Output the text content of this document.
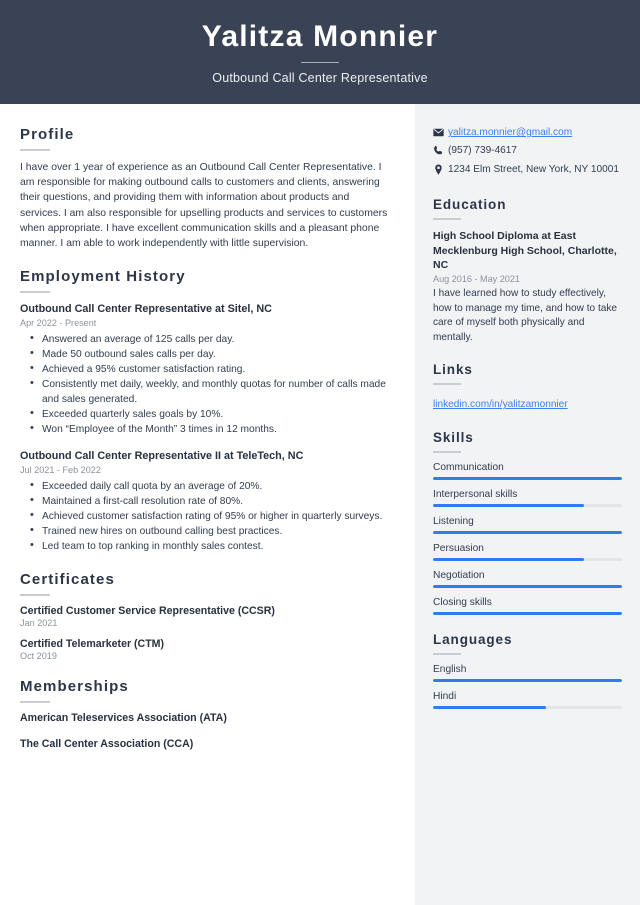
Yalitza Monnier
Outbound Call Center Representative
Profile
I have over 1 year of experience as an Outbound Call Center Representative. I am responsible for making outbound calls to customers and clients, answering their questions, and providing them with information about products and services. I am also responsible for upselling products and services to customers when appropriate. I have excellent communication skills and a pleasant phone manner. I am able to work independently with little supervision.
Employment History
Outbound Call Center Representative at Sitel, NC
Apr 2022 - Present
• Answered an average of 125 calls per day.
• Made 50 outbound sales calls per day.
• Achieved a 95% customer satisfaction rating.
• Consistently met daily, weekly, and monthly quotas for number of calls made and sales generated.
• Exceeded quarterly sales goals by 10%.
• Won “Employee of the Month” 3 times in 12 months.
Outbound Call Center Representative II at TeleTech, NC
Jul 2021 - Feb 2022
• Exceeded daily call quota by an average of 20%.
• Maintained a first-call resolution rate of 80%.
• Achieved customer satisfaction rating of 95% or higher in quarterly surveys.
• Trained new hires on outbound calling best practices.
• Led team to top ranking in monthly sales contest.
Certificates
Certified Customer Service Representative (CCSR)
Jan 2021
Certified Telemarketer (CTM)
Oct 2019
Memberships
American Teleservices Association (ATA)
The Call Center Association (CCA)
yalitza.monnier@gmail.com
(957) 739-4617
1234 Elm Street, New York, NY 10001
Education
High School Diploma at East Mecklenburg High School, Charlotte, NC
Aug 2016 - May 2021
I have learned how to study effectively, how to manage my time, and how to take care of myself both physically and mentally.
Links
linkedin.com/in/yalitzamonnier
Skills
Communication
Interpersonal skills
Listening
Persuasion
Negotiation
Closing skills
Languages
English
Hindi
